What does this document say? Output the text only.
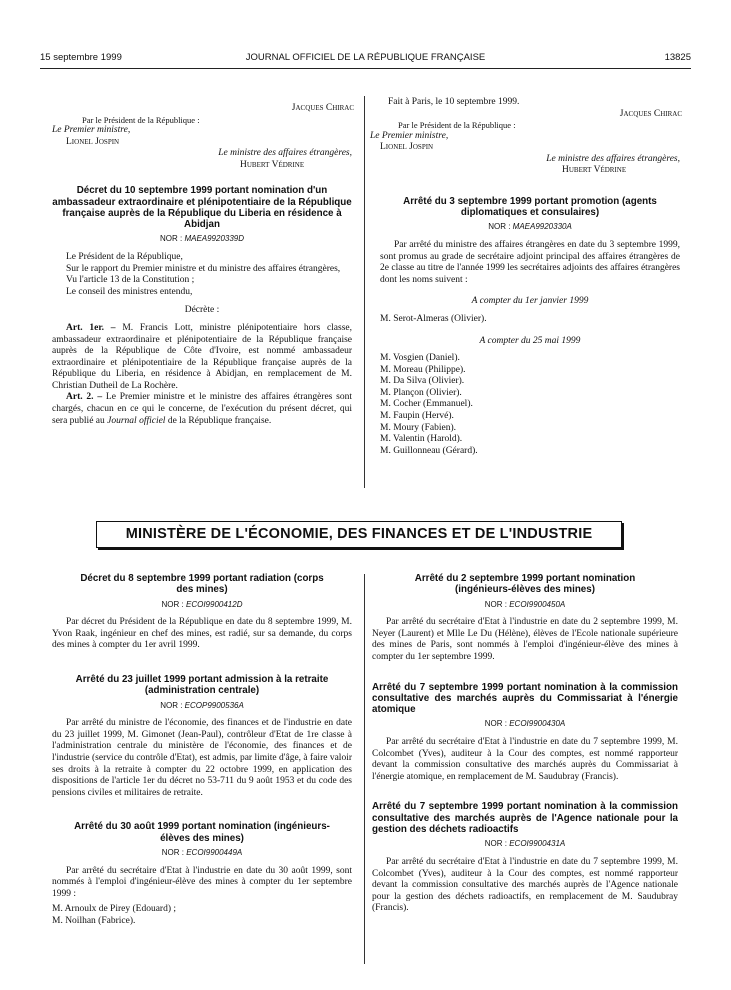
15 septembre 1999	JOURNAL OFFICIEL DE LA RÉPUBLIQUE FRANÇAISE	13825

Jacques Chirac

Par le Président de la République :

Le Premier ministre,

Lionel Jospin

Le ministre des affaires étrangères,

Hubert Védrine

Décret du 10 septembre 1999 portant nomination d'un ambassadeur extraordinaire et plénipotentiaire de la République française auprès de la République du Liberia en résidence à Abidjan

NOR : MAEA9920339D

Le Président de la République,

Sur le rapport du Premier ministre et du ministre des affaires étrangères,

Vu l'article 13 de la Constitution ;

Le conseil des ministres entendu,

Décrète :

Art. 1er. – M. Francis Lott, ministre plénipotentiaire hors classe, ambassadeur extraordinaire et plénipotentiaire de la République française auprès de la République de Côte d'Ivoire, est nommé ambassadeur extraordinaire et plénipotentiaire de la République française auprès de la République du Liberia, en résidence à Abidjan, en remplacement de M. Christian Dutheil de La Rochère.

Art. 2. – Le Premier ministre et le ministre des affaires étrangères sont chargés, chacun en ce qui le concerne, de l'exécution du présent décret, qui sera publié au Journal officiel de la République française.

Fait à Paris, le 10 septembre 1999.

Jacques Chirac

Par le Président de la République :

Le Premier ministre,

Lionel Jospin

Le ministre des affaires étrangères,

Hubert Védrine

Arrêté du 3 septembre 1999 portant promotion (agents diplomatiques et consulaires)

NOR : MAEA9920330A

Par arrêté du ministre des affaires étrangères en date du 3 septembre 1999, sont promus au grade de secrétaire adjoint principal des affaires étrangères de 2e classe au titre de l'année 1999 les secrétaires adjoints des affaires étrangères dont les noms suivent :

A compter du 1er janvier 1999

M. Serot-Almeras (Olivier).

A compter du 25 mai 1999

M. Vosgien (Daniel).
M. Moreau (Philippe).
M. Da Silva (Olivier).
M. Plançon (Olivier).
M. Cocher (Emmanuel).
M. Faupin (Hervé).
M. Moury (Fabien).
M. Valentin (Harold).
M. Guillonneau (Gérard).
MINISTÈRE DE L'ÉCONOMIE, DES FINANCES ET DE L'INDUSTRIE

Décret du 8 septembre 1999 portant radiation (corps des mines)

NOR : ECOI9900412D

Par décret du Président de la République en date du 8 septembre 1999, M. Yvon Raak, ingénieur en chef des mines, est radié, sur sa demande, du corps des mines à compter du 1er avril 1999.

Arrêté du 23 juillet 1999 portant admission à la retraite (administration centrale)

NOR : ECOP9900536A

Par arrêté du ministre de l'économie, des finances et de l'industrie en date du 23 juillet 1999, M. Gimonet (Jean-Paul), contrôleur d'Etat de 1re classe à l'administration centrale du ministère de l'économie, des finances et de l'industrie (service du contrôle d'Etat), est admis, par limite d'âge, à faire valoir ses droits à la retraite à compter du 22 octobre 1999, en application des dispositions de l'article 1er du décret no 53-711 du 9 août 1953 et du code des pensions civiles et militaires de retraite.

Arrêté du 30 août 1999 portant nomination (ingénieurs-élèves des mines)

NOR : ECOI9900449A

Par arrêté du secrétaire d'Etat à l'industrie en date du 30 août 1999, sont nommés à l'emploi d'ingénieur-élève des mines à compter du 1er septembre 1999 :

M. Arnoulx de Pirey (Edouard) ;
M. Noilhan (Fabrice).

Arrêté du 2 septembre 1999 portant nomination (ingénieurs-élèves des mines)

NOR : ECOI9900450A

Par arrêté du secrétaire d'Etat à l'industrie en date du 2 septembre 1999, M. Neyer (Laurent) et Mlle Le Du (Hélène), élèves de l'Ecole nationale supérieure des mines de Paris, sont nommés à l'emploi d'ingénieur-élève des mines à compter du 1er septembre 1999.

Arrêté du 7 septembre 1999 portant nomination à la commission consultative des marchés auprès du Commissariat à l'énergie atomique

NOR : ECOI9900430A

Par arrêté du secrétaire d'Etat à l'industrie en date du 7 septembre 1999, M. Colcombet (Yves), auditeur à la Cour des comptes, est nommé rapporteur devant la commission consultative des marchés auprès du Commissariat à l'énergie atomique, en remplacement de M. Saudubray (Francis).

Arrêté du 7 septembre 1999 portant nomination à la commission consultative des marchés auprès de l'Agence nationale pour la gestion des déchets radioactifs

NOR : ECOI9900431A

Par arrêté du secrétaire d'Etat à l'industrie en date du 7 septembre 1999, M. Colcombet (Yves), auditeur à la Cour des comptes, est nommé rapporteur devant la commission consultative des marchés auprès de l'Agence nationale pour la gestion des déchets radioactifs, en remplacement de M. Saudubray (Francis).
